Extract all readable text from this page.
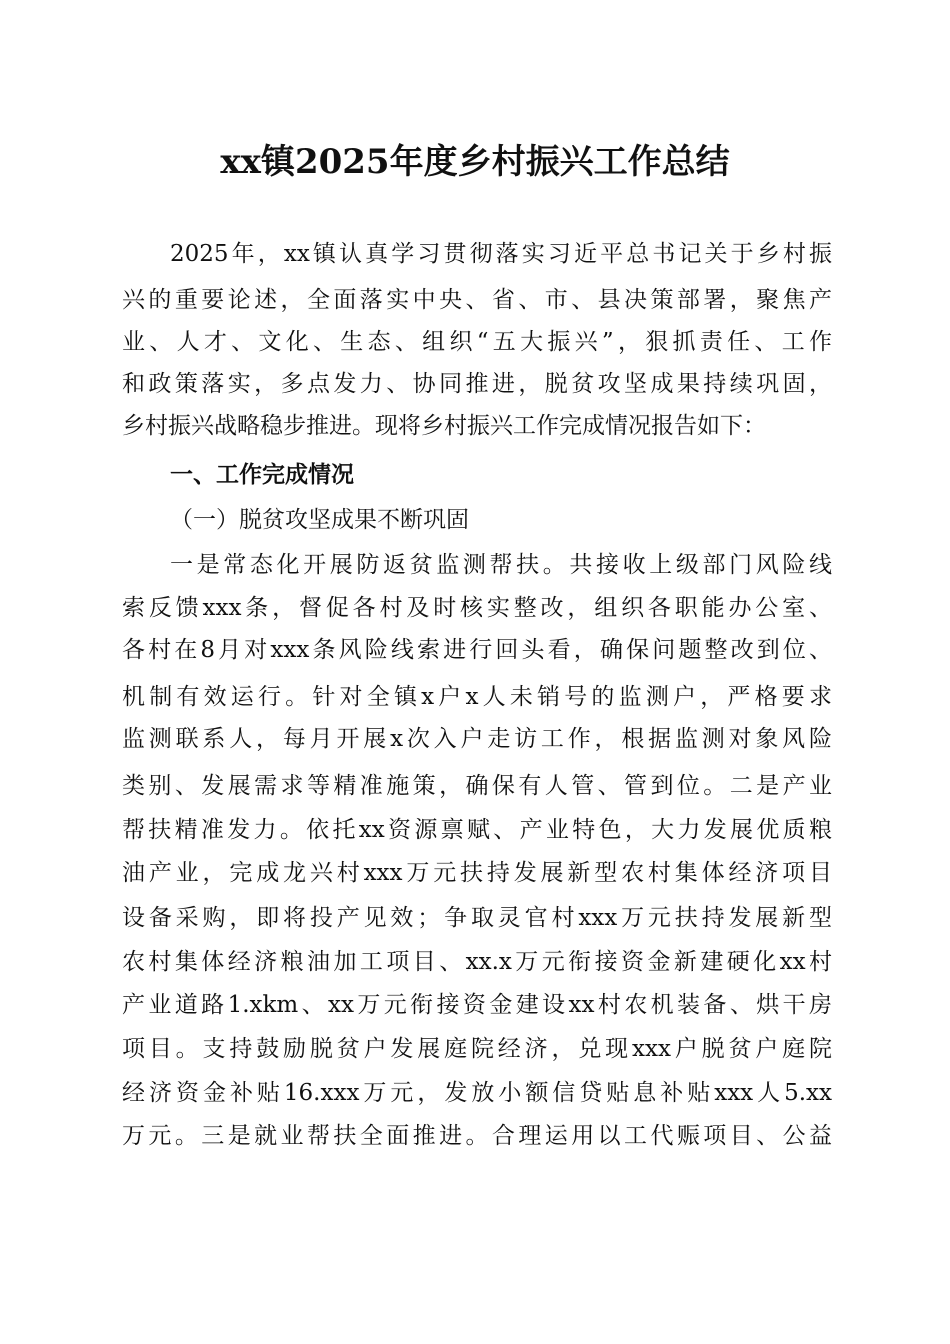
xx镇2025年度乡村振兴工作总结
2025年，xx镇认真学习贯彻落实习近平总书记关于乡村振
兴的重要论述，全面落实中央、省、市、县决策部署，聚焦产
业、人才、文化、生态、组织“五大振兴”，狠抓责任、工作
和政策落实，多点发力、协同推进，脱贫攻坚成果持续巩固，
乡村振兴战略稳步推进。现将乡村振兴工作完成情况报告如下：
一、工作完成情况
（一）脱贫攻坚成果不断巩固
一是常态化开展防返贫监测帮扶。共接收上级部门风险线
索反馈xxx条，督促各村及时核实整改，组织各职能办公室、
各村在8月对xxx条风险线索进行回头看，确保问题整改到位、
机制有效运行。针对全镇x户x人未销号的监测户，严格要求
监测联系人，每月开展x次入户走访工作，根据监测对象风险
类别、发展需求等精准施策，确保有人管、管到位。二是产业
帮扶精准发力。依托xx资源禀赋、产业特色，大力发展优质粮
油产业，完成龙兴村xxx万元扶持发展新型农村集体经济项目
设备采购，即将投产见效；争取灵官村xxx万元扶持发展新型
农村集体经济粮油加工项目、xx.x万元衔接资金新建硬化xx村
产业道路1.xkm、xx万元衔接资金建设xx村农机装备、烘干房
项目。支持鼓励脱贫户发展庭院经济，兑现xxx户脱贫户庭院
经济资金补贴16.xxx万元，发放小额信贷贴息补贴xxx人5.xx
万元。三是就业帮扶全面推进。合理运用以工代赈项目、公益
